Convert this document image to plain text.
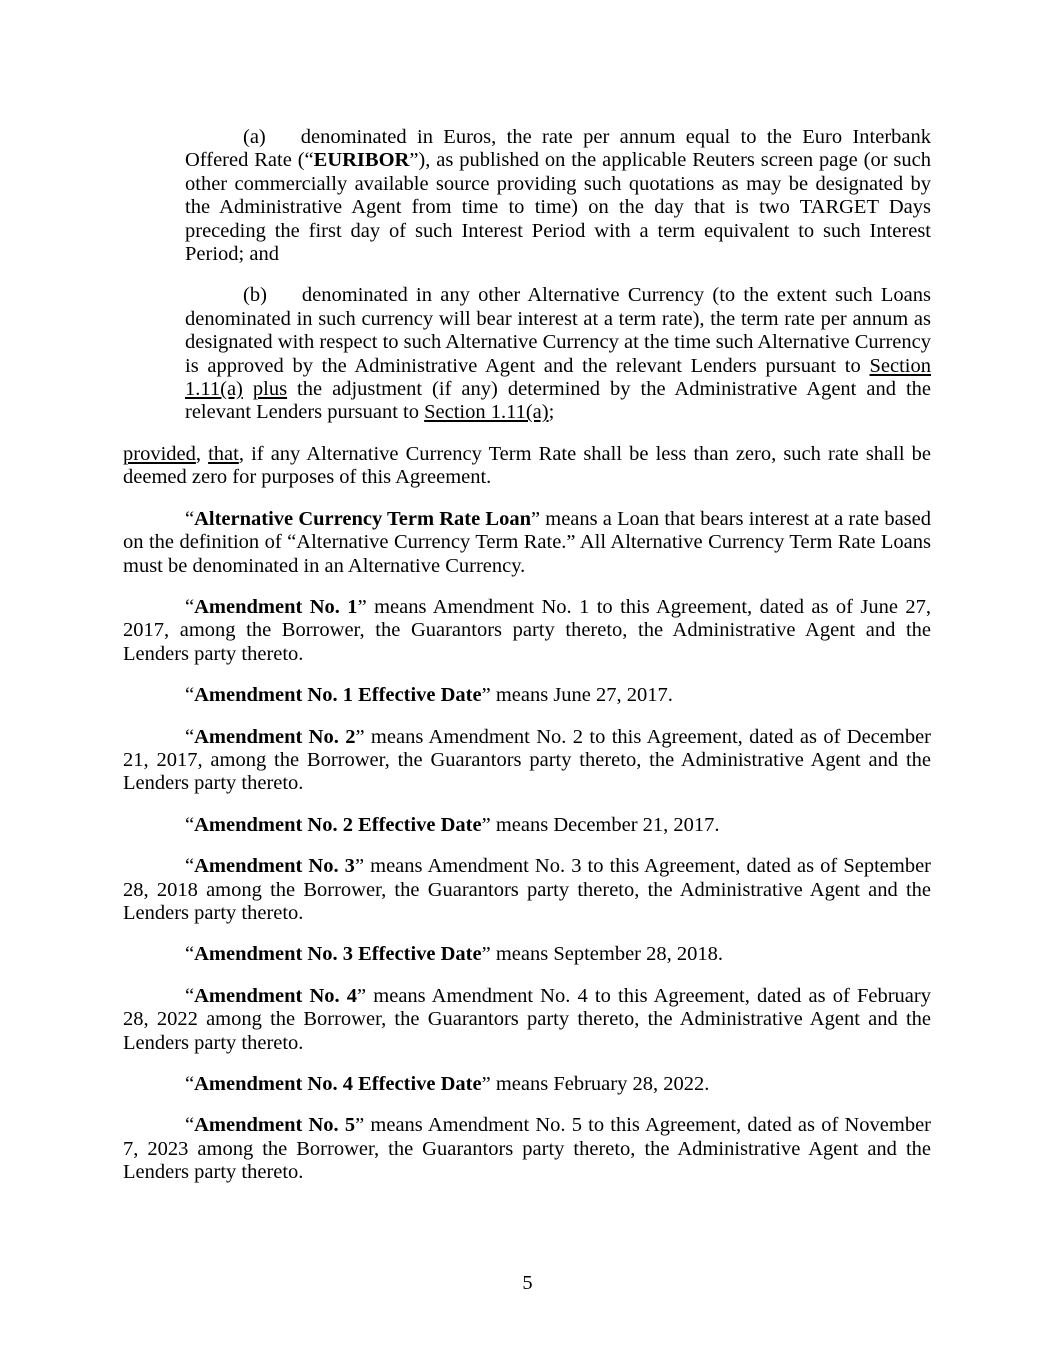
(a) denominated in Euros, the rate per annum equal to the Euro Interbank Offered Rate (“EURIBOR”), as published on the applicable Reuters screen page (or such other commercially available source providing such quotations as may be designated by the Administrative Agent from time to time) on the day that is two TARGET Days preceding the first day of such Interest Period with a term equivalent to such Interest Period; and

(b) denominated in any other Alternative Currency (to the extent such Loans denominated in such currency will bear interest at a term rate), the term rate per annum as designated with respect to such Alternative Currency at the time such Alternative Currency is approved by the Administrative Agent and the relevant Lenders pursuant to Section 1.11(a) plus the adjustment (if any) determined by the Administrative Agent and the relevant Lenders pursuant to Section 1.11(a);

provided, that, if any Alternative Currency Term Rate shall be less than zero, such rate shall be deemed zero for purposes of this Agreement.

“Alternative Currency Term Rate Loan” means a Loan that bears interest at a rate based on the definition of “Alternative Currency Term Rate.” All Alternative Currency Term Rate Loans must be denominated in an Alternative Currency.

“Amendment No. 1” means Amendment No. 1 to this Agreement, dated as of June 27, 2017, among the Borrower, the Guarantors party thereto, the Administrative Agent and the Lenders party thereto.

“Amendment No. 1 Effective Date” means June 27, 2017.

“Amendment No. 2” means Amendment No. 2 to this Agreement, dated as of December 21, 2017, among the Borrower, the Guarantors party thereto, the Administrative Agent and the Lenders party thereto.

“Amendment No. 2 Effective Date” means December 21, 2017.

“Amendment No. 3” means Amendment No. 3 to this Agreement, dated as of September 28, 2018 among the Borrower, the Guarantors party thereto, the Administrative Agent and the Lenders party thereto.

“Amendment No. 3 Effective Date” means September 28, 2018.

“Amendment No. 4” means Amendment No. 4 to this Agreement, dated as of February 28, 2022 among the Borrower, the Guarantors party thereto, the Administrative Agent and the Lenders party thereto.

“Amendment No. 4 Effective Date” means February 28, 2022.

“Amendment No. 5” means Amendment No. 5 to this Agreement, dated as of November 7, 2023 among the Borrower, the Guarantors party thereto, the Administrative Agent and the Lenders party thereto.

5
